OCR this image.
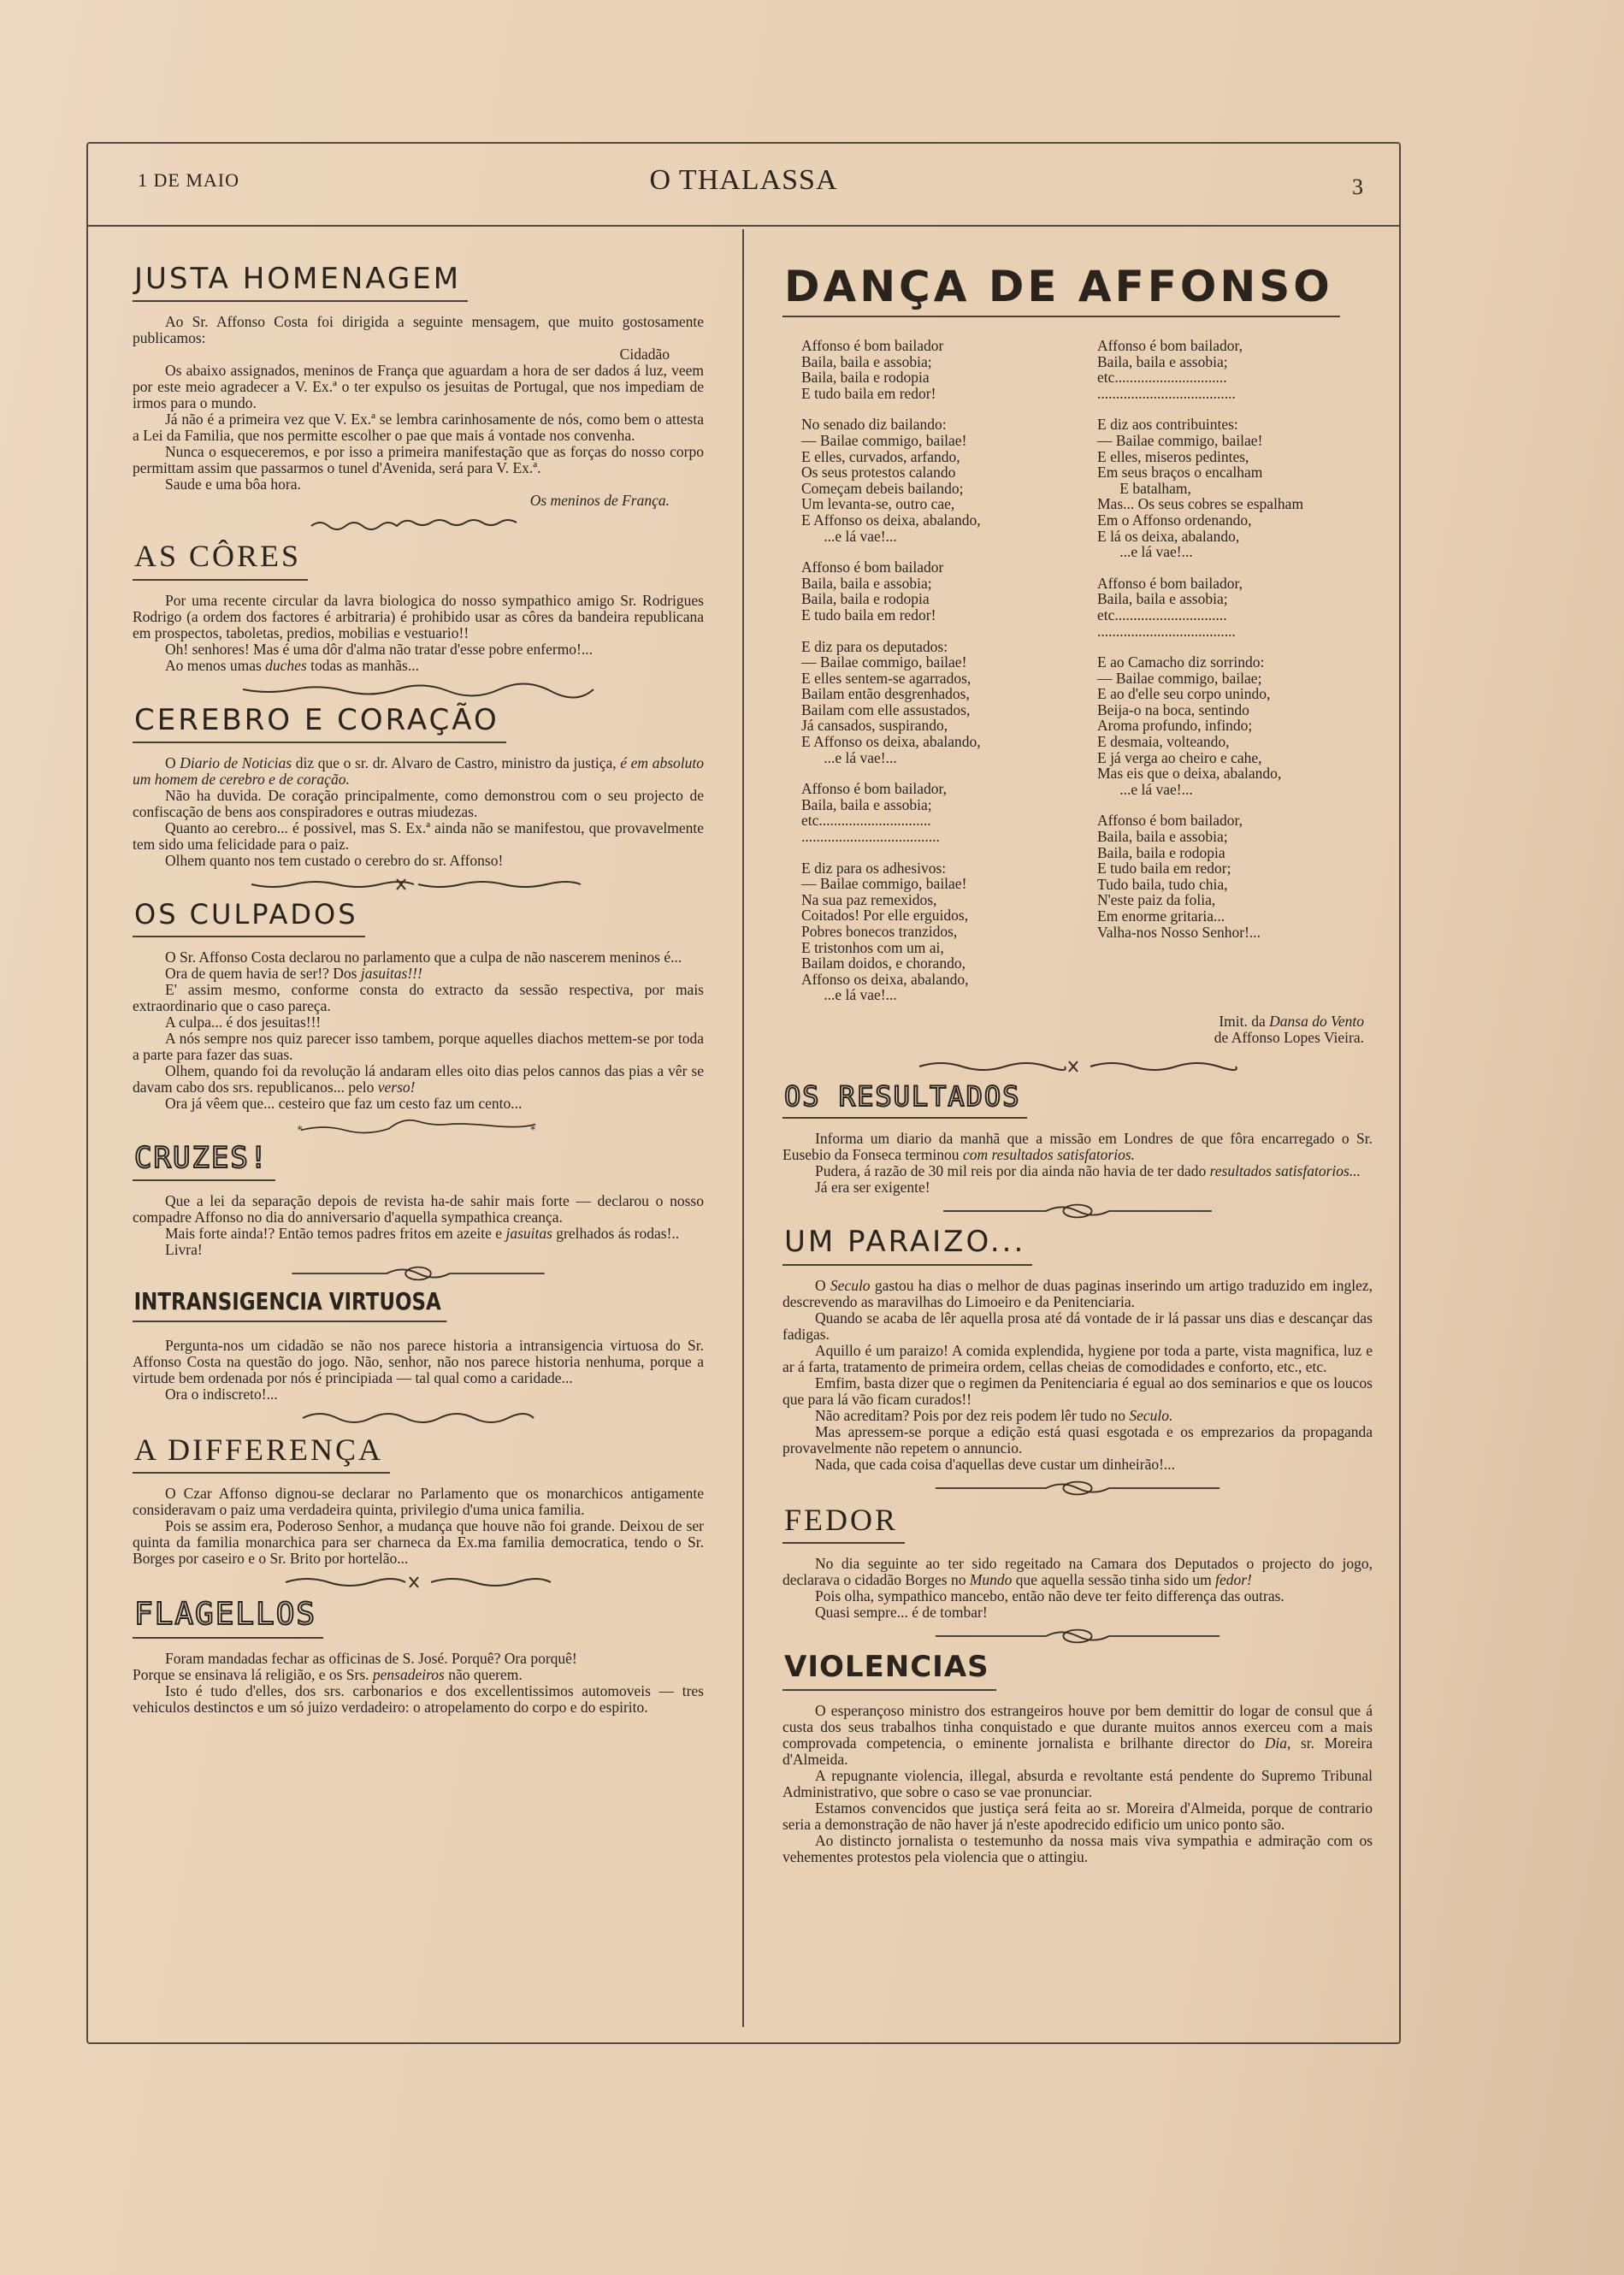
1 DE MAIO	O THALASSA	3
JUSTA HOMENAGEM

Ao Sr. Affonso Costa foi dirigida a seguinte mensagem, que muito gostosamente publicamos:

Cidadão

Os abaixo assignados, meninos de França que aguardam a hora de ser dados á luz, veem por este meio agradecer a V. Ex.ª o ter expulso os jesuitas de Portugal, que nos impediam de irmos para o mundo.

Já não é a primeira vez que V. Ex.ª se lembra carinhosamente de nós, como bem o attesta a Lei da Familia, que nos permitte escolher o pae que mais á vontade nos convenha.

Nunca o esqueceremos, e por isso a primeira manifestação que as forças do nosso corpo permittam assim que passarmos o tunel d'Avenida, será para V. Ex.ª.

Saude e uma bôa hora.

Os meninos de França.

AS CÔRES

Por uma recente circular da lavra biologica do nosso sympathico amigo Sr. Rodrigues Rodrigo (a ordem dos factores é arbitraria) é prohibido usar as côres da bandeira republicana em prospectos, taboletas, predios, mobilias e vestuario!!

Oh! senhores! Mas é uma dôr d'alma não tratar d'esse pobre enfermo!...

Ao menos umas duches todas as manhãs...

CEREBRO E CORAÇÃO

O Diario de Noticias diz que o sr. dr. Alvaro de Castro, ministro da justiça, é em absoluto um homem de cerebro e de coração.

Não ha duvida. De coração principalmente, como demonstrou com o seu projecto de confiscação de bens aos conspiradores e outras miudezas.

Quanto ao cerebro... é possivel, mas S. Ex.ª ainda não se manifestou, que provavelmente tem sido uma felicidade para o paiz.

Olhem quanto nos tem custado o cerebro do sr. Affonso!

OS CULPADOS

O Sr. Affonso Costa declarou no parlamento que a culpa de não nascerem meninos é...

Ora de quem havia de ser!? Dos jasuitas!!!

E' assim mesmo, conforme consta do extracto da sessão respectiva, por mais extraordinario que o caso pareça.

A culpa... é dos jesuitas!!!

A nós sempre nos quiz parecer isso tambem, porque aquelles diachos mettem-se por toda a parte para fazer das suas.

Olhem, quando foi da revolução lá andaram elles oito dias pelos cannos das pias a vêr se davam cabo dos srs. republicanos... pelo verso!

Ora já vêem que... cesteiro que faz um cesto faz um cento...

*	*
CRUZES!

Que a lei da separação depois de revista ha-de sahir mais forte — declarou o nosso compadre Affonso no dia do anniversario d'aquella sympathica creança.

Mais forte ainda!? Então temos padres fritos em azeite e jasuitas grelhados ás rodas!..

Livra!

INTRANSIGENCIA VIRTUOSA

Pergunta-nos um cidadão se não nos parece historia a intransigencia virtuosa do Sr. Affonso Costa na questão do jogo. Não, senhor, não nos parece historia nenhuma, porque a virtude bem ordenada por nós é principiada — tal qual como a caridade...

Ora o indiscreto!...

A DIFFERENÇA

O Czar Affonso dignou-se declarar no Parlamento que os monarchicos antigamente consideravam o paiz uma verdadeira quinta, privilegio d'uma unica familia.

Pois se assim era, Poderoso Senhor, a mudança que houve não foi grande. Deixou de ser quinta da familia monarchica para ser charneca da Ex.ma familia democratica, tendo o Sr. Borges por caseiro e o Sr. Brito por hortelão...

FLAGELLOS

Foram mandadas fechar as officinas de S. José. Porquê? Ora porquê!

Porque se ensinava lá religião, e os Srs. pensadeiros não querem.

Isto é tudo d'elles, dos srs. carbonarios e dos excellentissimos automoveis — tres vehiculos destinctos e um só juizo verdadeiro: o atropelamento do corpo e do espirito.

DANÇA DE AFFONSO
Affonso é bom bailador
Baila, baila e assobia;
Baila, baila e rodopia
E tudo baila em redor!
No senado diz bailando:
— Bailae commigo, bailae!
E elles, curvados, arfando,
Os seus protestos calando
Começam debeis bailando;
Um levanta-se, outro cae,
E Affonso os deixa, abalando,
...e lá vae!...
Affonso é bom bailador
Baila, baila e assobia;
Baila, baila e rodopia
E tudo baila em redor!
E diz para os deputados:
— Bailae commigo, bailae!
E elles sentem-se agarrados,
Bailam então desgrenhados,
Bailam com elle assustados,
Já cansados, suspirando,
E Affonso os deixa, abalando,
...e lá vae!...
Affonso é bom bailador,
Baila, baila e assobia;
etc..............................
.....................................
E diz para os adhesivos:
— Bailae commigo, bailae!
Na sua paz remexidos,
Coitados! Por elle erguidos,
Pobres bonecos tranzidos,
E tristonhos com um ai,
Bailam doidos, e chorando,
Affonso os deixa, abalando,
...e lá vae!...
Affonso é bom bailador,
Baila, baila e assobia;
etc..............................
.....................................
E diz aos contribuintes:
— Bailae commigo, bailae!
E elles, miseros pedintes,
Em seus braços o encalham
E batalham,
Mas... Os seus cobres se espalham
Em o Affonso ordenando,
E lá os deixa, abalando,
...e lá vae!...
Affonso é bom bailador,
Baila, baila e assobia;
etc..............................
.....................................
E ao Camacho diz sorrindo:
— Bailae commigo, bailae;
E ao d'elle seu corpo unindo,
Beija-o na boca, sentindo
Aroma profundo, infindo;
E desmaia, volteando,
E já verga ao cheiro e cahe,
Mas eis que o deixa, abalando,
...e lá vae!...
Affonso é bom bailador,
Baila, baila e assobia;
Baila, baila e rodopia
E tudo baila em redor;
Tudo baila, tudo chia,
N'este paiz da folia,
Em enorme gritaria...
Valha-nos Nosso Senhor!...
Imit. da Dansa do Vento
de Affonso Lopes Vieira.
OS RESULTADOS

Informa um diario da manhã que a missão em Londres de que fôra encarregado o Sr. Eusebio da Fonseca terminou com resultados satisfatorios.

Pudera, á razão de 30 mil reis por dia ainda não havia de ter dado resultados satisfatorios...

Já era ser exigente!

UM PARAIZO...

O Seculo gastou ha dias o melhor de duas paginas inserindo um artigo traduzido em inglez, descrevendo as maravilhas do Limoeiro e da Penitenciaria.

Quando se acaba de lêr aquella prosa até dá vontade de ir lá passar uns dias e descançar das fadigas.

Aquillo é um paraizo! A comida explendida, hygiene por toda a parte, vista magnifica, luz e ar á farta, tratamento de primeira ordem, cellas cheias de comodidades e conforto, etc., etc.

Emfim, basta dizer que o regimen da Penitenciaria é egual ao dos seminarios e que os loucos que para lá vão ficam curados!!

Não acreditam? Pois por dez reis podem lêr tudo no Seculo.

Mas apressem-se porque a edição está quasi esgotada e os emprezarios da propaganda provavelmente não repetem o annuncio.

Nada, que cada coisa d'aquellas deve custar um dinheirão!...

FEDOR

No dia seguinte ao ter sido regeitado na Camara dos Deputados o projecto do jogo, declarava o cidadão Borges no Mundo que aquella sessão tinha sido um fedor!

Pois olha, sympathico mancebo, então não deve ter feito differença das outras.

Quasi sempre... é de tombar!

VIOLENCIAS

O esperançoso ministro dos estrangeiros houve por bem demittir do logar de consul que á custa dos seus trabalhos tinha conquistado e que durante muitos annos exerceu com a mais comprovada competencia, o eminente jornalista e brilhante director do Dia, sr. Moreira d'Almeida.

A repugnante violencia, illegal, absurda e revoltante está pendente do Supremo Tribunal Administrativo, que sobre o caso se vae pronunciar.

Estamos convencidos que justiça será feita ao sr. Moreira d'Almeida, porque de contrario seria a demonstração de não haver já n'este apodrecido edificio um unico ponto são.

Ao distincto jornalista o testemunho da nossa mais viva sympathia e admiração com os vehementes protestos pela violencia que o attingiu.
